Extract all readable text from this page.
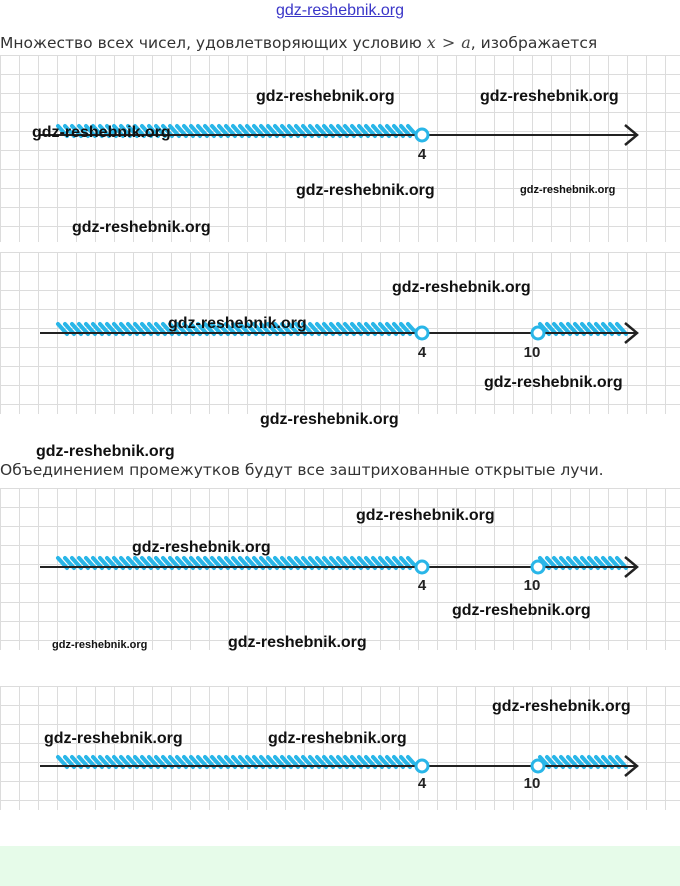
gdz-reshebnik.org
Множество всех чисел, удовлетворяющих условию x > a, изображается
4
gdz-reshebnik.org	gdz-reshebnik.org
gdz-reshebnik.org
gdz-reshebnik.org	gdz-reshebnik.org
gdz-reshebnik.org
4	10
gdz-reshebnik.org
gdz-reshebnik.org
gdz-reshebnik.org
gdz-reshebnik.org
gdz-reshebnik.org
Объединением промежутков будут все заштрихованные открытые лучи.
4	10
gdz-reshebnik.org
gdz-reshebnik.org
gdz-reshebnik.org
gdz-reshebnik.org	gdz-reshebnik.org
4	10
gdz-reshebnik.org
gdz-reshebnik.org	gdz-reshebnik.org
